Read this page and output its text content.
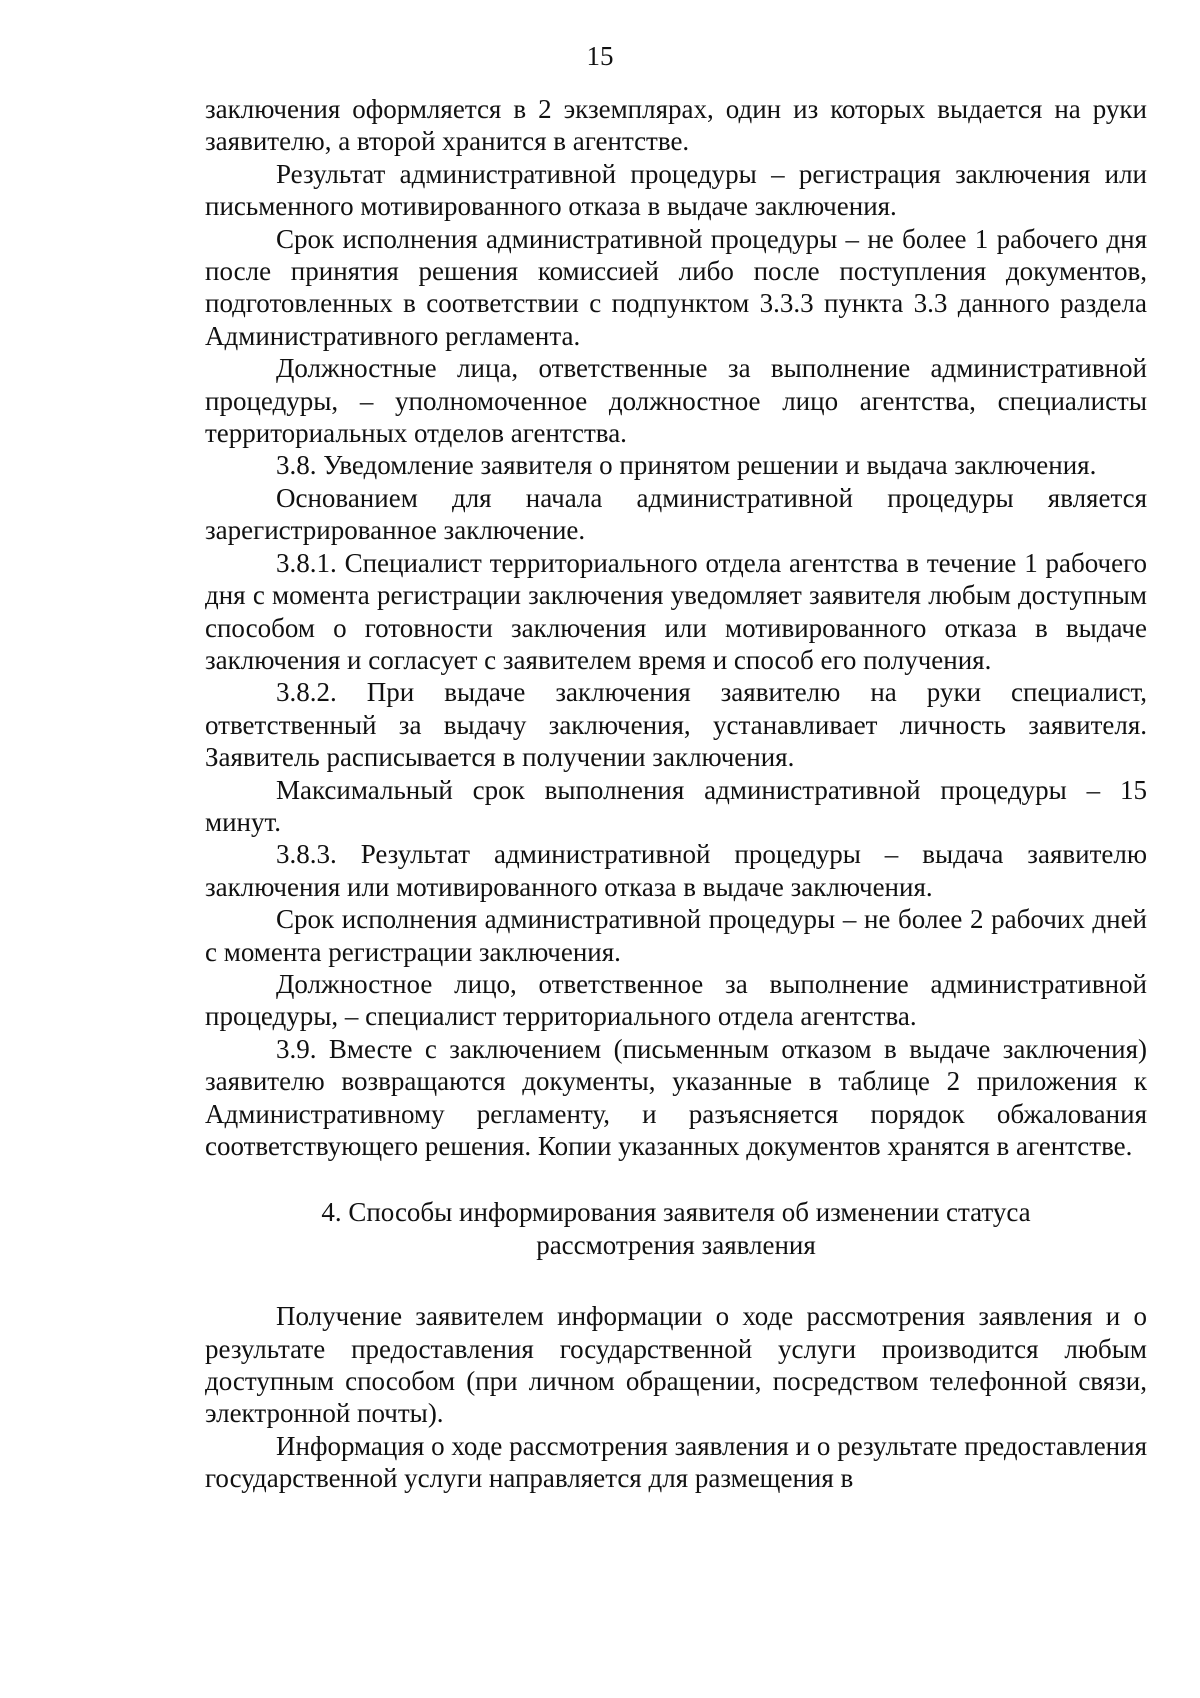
15

заключения оформляется в 2 экземплярах, один из которых выдается на руки заявителю, а второй хранится в агентстве.

Результат административной процедуры – регистрация заключения или письменного мотивированного отказа в выдаче заключения.

Срок исполнения административной процедуры – не более 1 рабочего дня после принятия решения комиссией либо после поступления документов, подготовленных в соответствии с подпунктом 3.3.3 пункта 3.3 данного раздела Административного регламента.

Должностные лица, ответственные за выполнение административной процедуры, – уполномоченное должностное лицо агентства, специалисты территориальных отделов агентства.

3.8. Уведомление заявителя о принятом решении и выдача заключения.

Основанием для начала административной процедуры является зарегистрированное заключение.

3.8.1. Специалист территориального отдела агентства в течение 1 рабочего дня с момента регистрации заключения уведомляет заявителя любым доступным способом о готовности заключения или мотивированного отказа в выдаче заключения и согласует с заявителем время и способ его получения.

3.8.2. При выдаче заключения заявителю на руки специалист, ответственный за выдачу заключения, устанавливает личность заявителя. Заявитель расписывается в получении заключения.

Максимальный срок выполнения административной процедуры – 15 минут.

3.8.3. Результат административной процедуры – выдача заявителю заключения или мотивированного отказа в выдаче заключения.

Срок исполнения административной процедуры – не более 2 рабочих дней с момента регистрации заключения.

Должностное лицо, ответственное за выполнение административной процедуры, – специалист территориального отдела агентства.

3.9. Вместе с заключением (письменным отказом в выдаче заключения) заявителю возвращаются документы, указанные в таблице 2 приложения к Административному регламенту, и разъясняется порядок обжалования соответствующего решения. Копии указанных документов хранятся в агентстве.

4. Способы информирования заявителя об изменении статуса
рассмотрения заявления

Получение заявителем информации о ходе рассмотрения заявления и о результате предоставления государственной услуги производится любым доступным способом (при личном обращении, посредством телефонной связи, электронной почты).

Информация о ходе рассмотрения заявления и о результате предоставления государственной услуги направляется для размещения в
